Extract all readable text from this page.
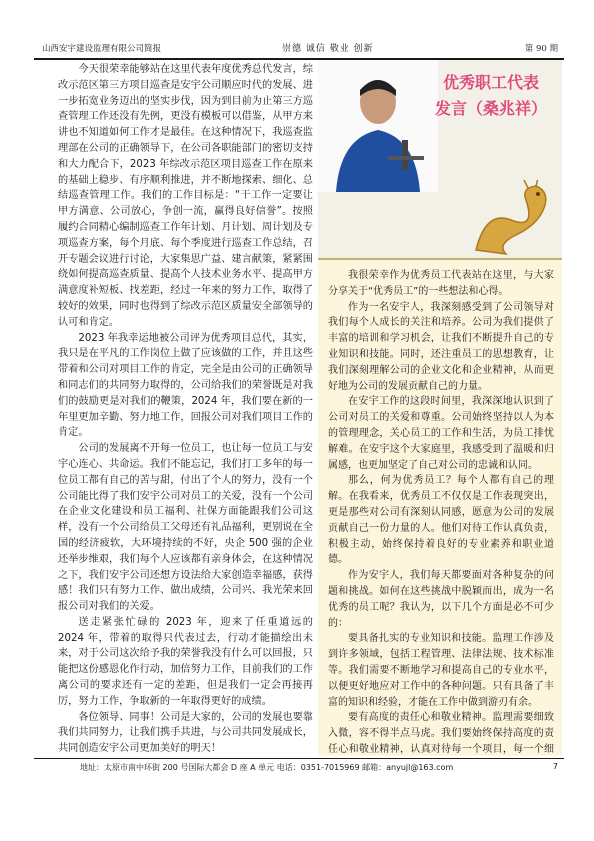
山西安宇建设监理有限公司简报	崇德 诚信 敬业 创新	第 90 期

今天很荣幸能够站在这里代表年度优秀总代发言，综改示范区第三方项目巡查是安宇公司顺应时代的发展、进一步拓宽业务迈出的坚实步伐，因为到目前为止第三方巡查管理工作还没有先例，更没有模板可以借鉴，从甲方来讲也不知道如何工作才是最佳。在这种情况下，我巡查监理部在公司的正确领导下，在公司各职能部门的密切支持和大力配合下，2023 年综改示范区项目巡查工作在原来的基础上稳步、有序顺利推进，并不断地探索、细化、总结巡查管理工作。我们的工作目标是：“干工作一定要让甲方满意、公司放心，争创一流，赢得良好信誉”。按照履约合同精心编制巡查工作年计划、月计划、周计划及专项巡查方案，每个月底、每个季度进行巡查工作总结，召开专题会议进行讨论，大家集思广益、建言献策，紧紧围绕如何提高巡查质量、提高个人技术业务水平、提高甲方满意度补短板、找差距，经过一年来的努力工作，取得了较好的效果，同时也得到了综改示范区质量安全部领导的认可和肯定。

2023 年我幸运地被公司评为优秀项目总代，其实，我只是在平凡的工作岗位上做了应该做的工作，并且这些带着和公司对项目工作的肯定，完全是由公司的正确领导和同志们的共同努力取得的，公司给我们的荣誉既是对我们的鼓励更是对我们的鞭策，2024 年，我们要在新的一年里更加辛勤、努力地工作，回报公司对我们项目工作的肯定。

公司的发展离不开每一位员工，也让每一位员工与安宇心连心、共命运。我们不能忘记，我们打工多年的每一位员工都有自己的苦与甜，付出了个人的努力，没有一个公司能比得了我们安宇公司对员工的关爱，没有一个公司在企业文化建设和员工福利、社保方面能跟我们公司这样，没有一个公司给员工父母还有礼品福利，更别说在全国的经济疲软，大环境持续的不好，央企 500 强的企业还举步维艰，我们每个人应该都有亲身体会，在这种情况之下，我们安宇公司还想方设法给大家创造幸福感，获得感！我们只有努力工作、做出成绩，公司兴、我光荣来回报公司对我们的关爱。

送走紧张忙碌的 2023 年，迎来了任重道远的 2024 年，带着的取得只代表过去，行动才能描绘出未来，对于公司这次给予我的荣誉我没有什么可以回报，只能把这份感恩化作行动，加倍努力工作，目前我们的工作离公司的要求还有一定的差距，但是我们一定会再接再厉，努力工作，争取新的一年取得更好的成绩。

各位领导、同事！公司是大家的，公司的发展也要靠我们共同努力，让我们携手共进，与公司共同发展成长，共同创造安宇公司更加美好的明天！

优秀职工代表
发言（桑兆祥）

我很荣幸作为优秀员工代表站在这里，与大家分享关于“优秀员工”的一些想法和心得。

作为一名安宇人，我深刻感受到了公司领导对我们每个人成长的关注和培养。公司为我们提供了丰富的培训和学习机会，让我们不断提升自己的专业知识和技能。同时，还注重员工的思想教育，让我们深刻理解公司的企业文化和企业精神，从而更好地为公司的发展贡献自己的力量。

在安宇工作的这段时间里，我深深地认识到了公司对员工的关爱和尊重。公司始终坚持以人为本的管理理念，关心员工的工作和生活，为员工排忧解难。在安宇这个大家庭里，我感受到了温暖和归属感，也更加坚定了自己对公司的忠诚和认同。

那么，何为优秀员工？每个人都有自己的理解。在我看来，优秀员工不仅仅是工作表现突出，更是那些对公司有深刻认同感，愿意为公司的发展贡献自己一份力量的人。他们对待工作认真负责，积极主动，始终保持着良好的专业素养和职业道德。

作为安宇人，我们每天都要面对各种复杂的问题和挑战。如何在这些挑战中脱颖而出，成为一名优秀的员工呢？我认为，以下几个方面是必不可少的：

要具备扎实的专业知识和技能。监理工作涉及到许多领域，包括工程管理、法律法规、技术标准等。我们需要不断地学习和提高自己的专业水平，以便更好地应对工作中的各种问题。只有具备了丰富的知识和经验，才能在工作中做到游刃有余。

要有高度的责任心和敬业精神。监理需要细致入微，容不得半点马虎。我们要始终保持高度的责任心和敬业精神，认真对待每一个项目，每一个细

地址：太原市南中环街 200 号国际大都会 D 座 A 单元 电话：0351-7015969 邮箱：anyujl@163.com	7
